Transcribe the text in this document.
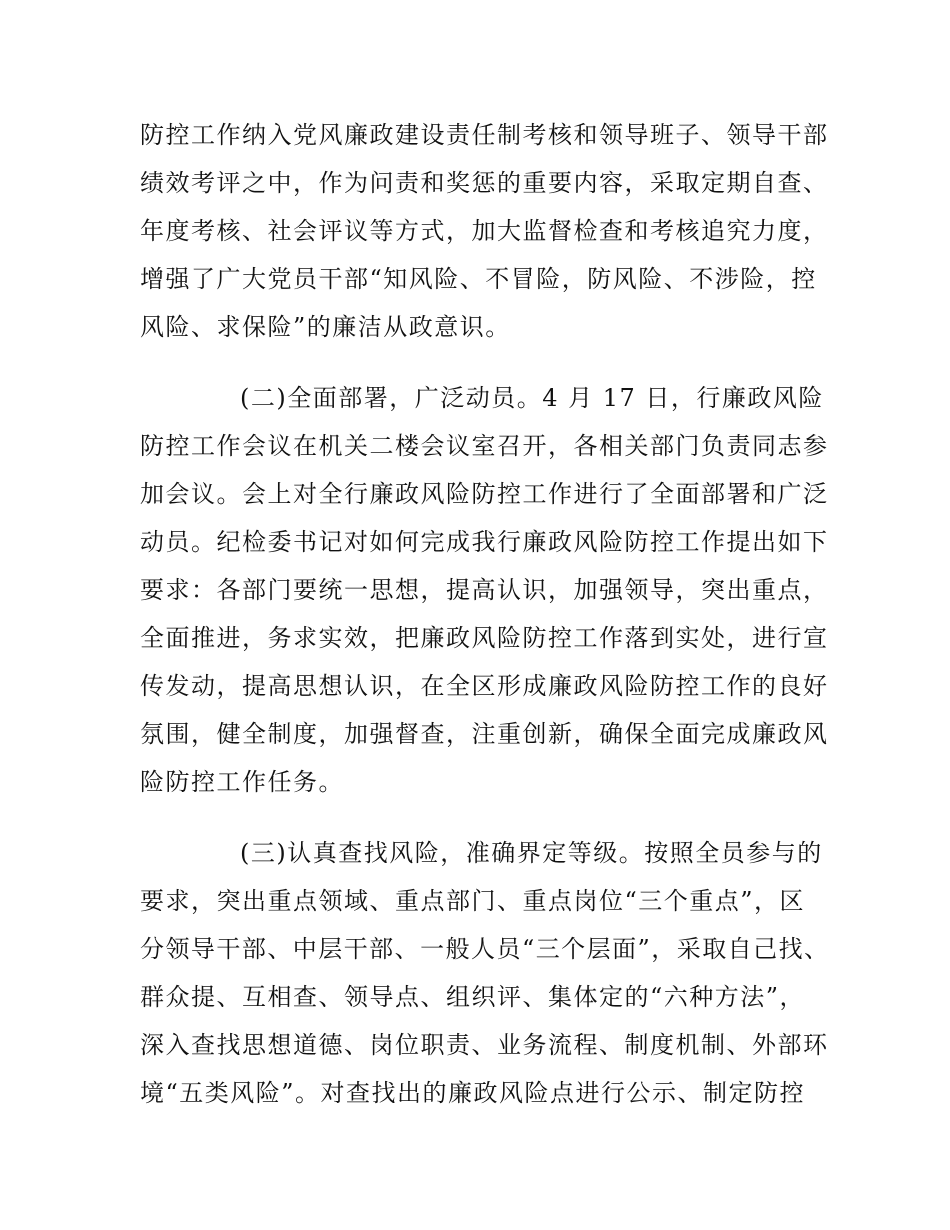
防控工作纳入党风廉政建设责任制考核和领导班子、领导干部
绩效考评之中，作为问责和奖惩的重要内容，采取定期自查、
年度考核、社会评议等方式，加大监督检查和考核追究力度，
增强了广大党员干部“知风险、不冒险，防风险、不涉险，控
风险、求保险”的廉洁从政意识。
(二)全面部署，广泛动员。4 月 17 日，行廉政风险
防控工作会议在机关二楼会议室召开，各相关部门负责同志参
加会议。会上对全行廉政风险防控工作进行了全面部署和广泛
动员。纪检委书记对如何完成我行廉政风险防控工作提出如下
要求：各部门要统一思想，提高认识，加强领导，突出重点，
全面推进，务求实效，把廉政风险防控工作落到实处，进行宣
传发动，提高思想认识，在全区形成廉政风险防控工作的良好
氛围，健全制度，加强督查，注重创新，确保全面完成廉政风
险防控工作任务。
(三)认真查找风险，准确界定等级。按照全员参与的
要求，突出重点领域、重点部门、重点岗位“三个重点”，区
分领导干部、中层干部、一般人员“三个层面”，采取自己找、
群众提、互相查、领导点、组织评、集体定的“六种方法”，
深入查找思想道德、岗位职责、业务流程、制度机制、外部环
境“五类风险”。对查找出的廉政风险点进行公示、制定防控
